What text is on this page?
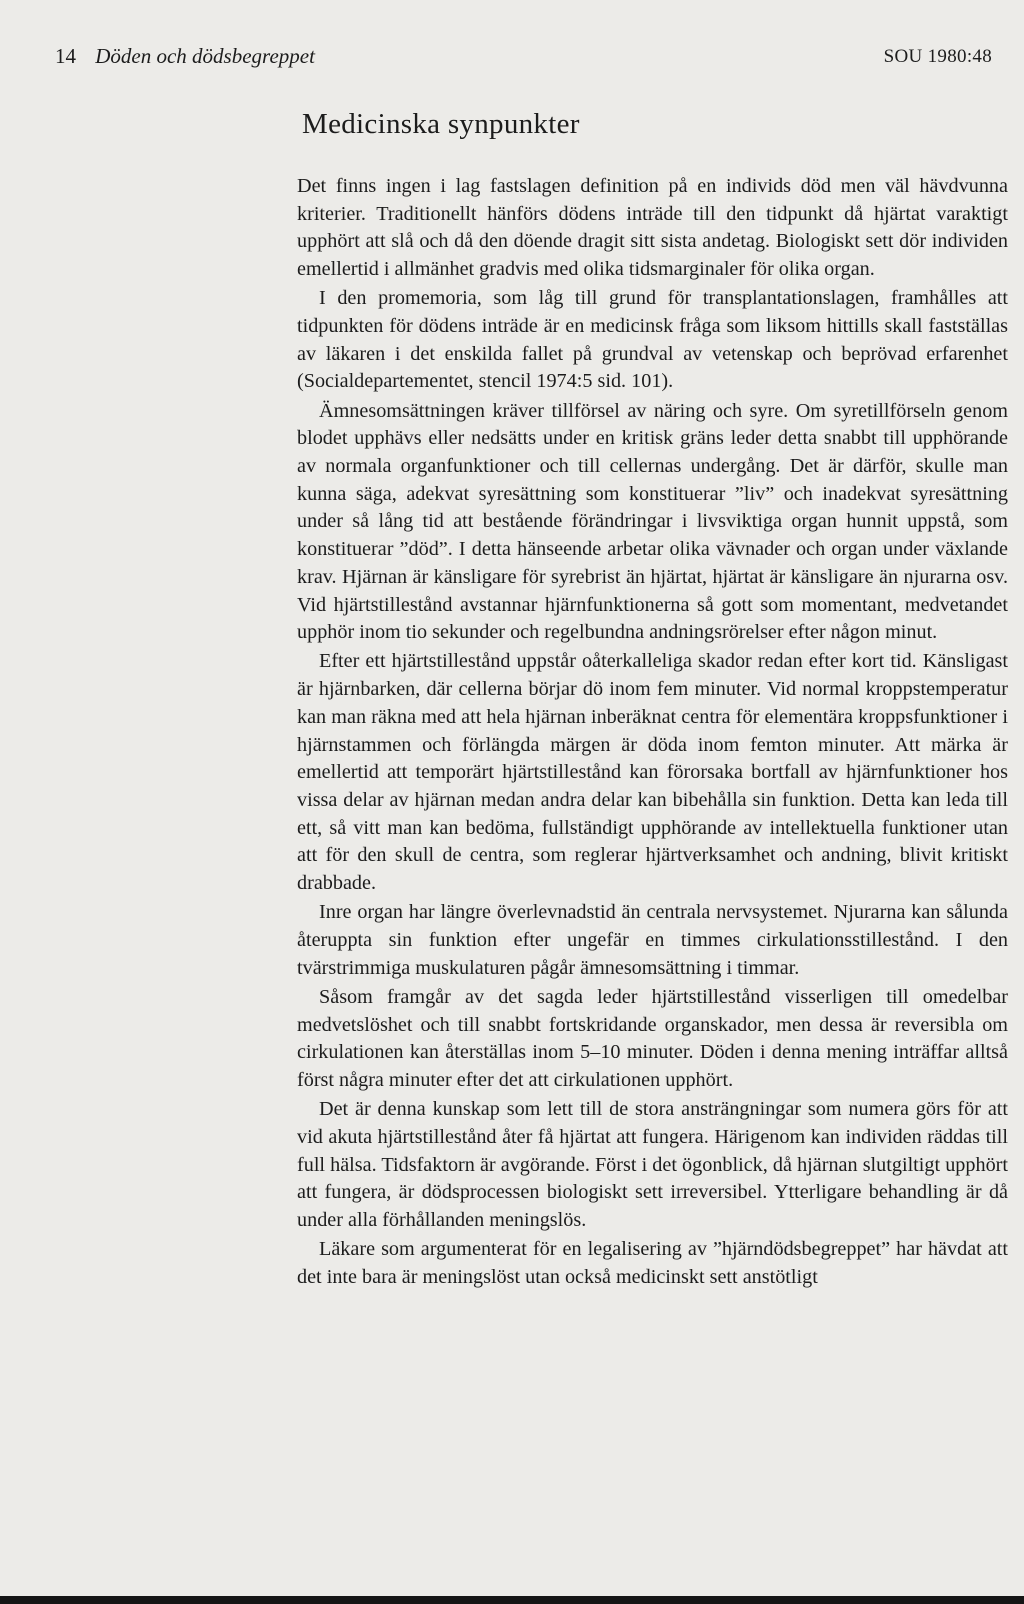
14 Döden och dödsbegreppet	SOU 1980:48
Medicinska synpunkter

Det finns ingen i lag fastslagen definition på en individs död men väl hävdvunna kriterier. Traditionellt hänförs dödens inträde till den tidpunkt då hjärtat varaktigt upphört att slå och då den döende dragit sitt sista andetag. Biologiskt sett dör individen emellertid i allmänhet gradvis med olika tidsmarginaler för olika organ.

I den promemoria, som låg till grund för transplantationslagen, framhålles att tidpunkten för dödens inträde är en medicinsk fråga som liksom hittills skall fastställas av läkaren i det enskilda fallet på grundval av vetenskap och beprövad erfarenhet (Socialdepartementet, stencil 1974:5 sid. 101).

Ämnesomsättningen kräver tillförsel av näring och syre. Om syretillförseln genom blodet upphävs eller nedsätts under en kritisk gräns leder detta snabbt till upphörande av normala organfunktioner och till cellernas undergång. Det är därför, skulle man kunna säga, adekvat syresättning som konstituerar ”liv” och inadekvat syresättning under så lång tid att bestående förändringar i livsviktiga organ hunnit uppstå, som konstituerar ”död”. I detta hänseende arbetar olika vävnader och organ under växlande krav. Hjärnan är känsligare för syrebrist än hjärtat, hjärtat är känsligare än njurarna osv. Vid hjärtstillestånd avstannar hjärnfunktionerna så gott som momentant, medvetandet upphör inom tio sekunder och regelbundna andningsrörelser efter någon minut.

Efter ett hjärtstillestånd uppstår oåterkalleliga skador redan efter kort tid. Känsligast är hjärnbarken, där cellerna börjar dö inom fem minuter. Vid normal kroppstemperatur kan man räkna med att hela hjärnan inberäknat centra för elementära kroppsfunktioner i hjärnstammen och förlängda märgen är döda inom femton minuter. Att märka är emellertid att temporärt hjärtstillestånd kan förorsaka bortfall av hjärnfunktioner hos vissa delar av hjärnan medan andra delar kan bibehålla sin funktion. Detta kan leda till ett, så vitt man kan bedöma, fullständigt upphörande av intellektuella funktioner utan att för den skull de centra, som reglerar hjärtverksamhet och andning, blivit kritiskt drabbade.

Inre organ har längre överlevnadstid än centrala nervsystemet. Njurarna kan sålunda återuppta sin funktion efter ungefär en timmes cirkulationsstillestånd. I den tvärstrimmiga muskulaturen pågår ämnesomsättning i timmar.

Såsom framgår av det sagda leder hjärtstillestånd visserligen till omedelbar medvetslöshet och till snabbt fortskridande organskador, men dessa är reversibla om cirkulationen kan återställas inom 5–10 minuter. Döden i denna mening inträffar alltså först några minuter efter det att cirkulationen upphört.

Det är denna kunskap som lett till de stora ansträngningar som numera görs för att vid akuta hjärtstillestånd åter få hjärtat att fungera. Härigenom kan individen räddas till full hälsa. Tidsfaktorn är avgörande. Först i det ögonblick, då hjärnan slutgiltigt upphört att fungera, är dödsprocessen biologiskt sett irreversibel. Ytterligare behandling är då under alla förhållanden meningslös.

Läkare som argumenterat för en legalisering av ”hjärndödsbegreppet” har hävdat att det inte bara är meningslöst utan också medicinskt sett anstötligt
